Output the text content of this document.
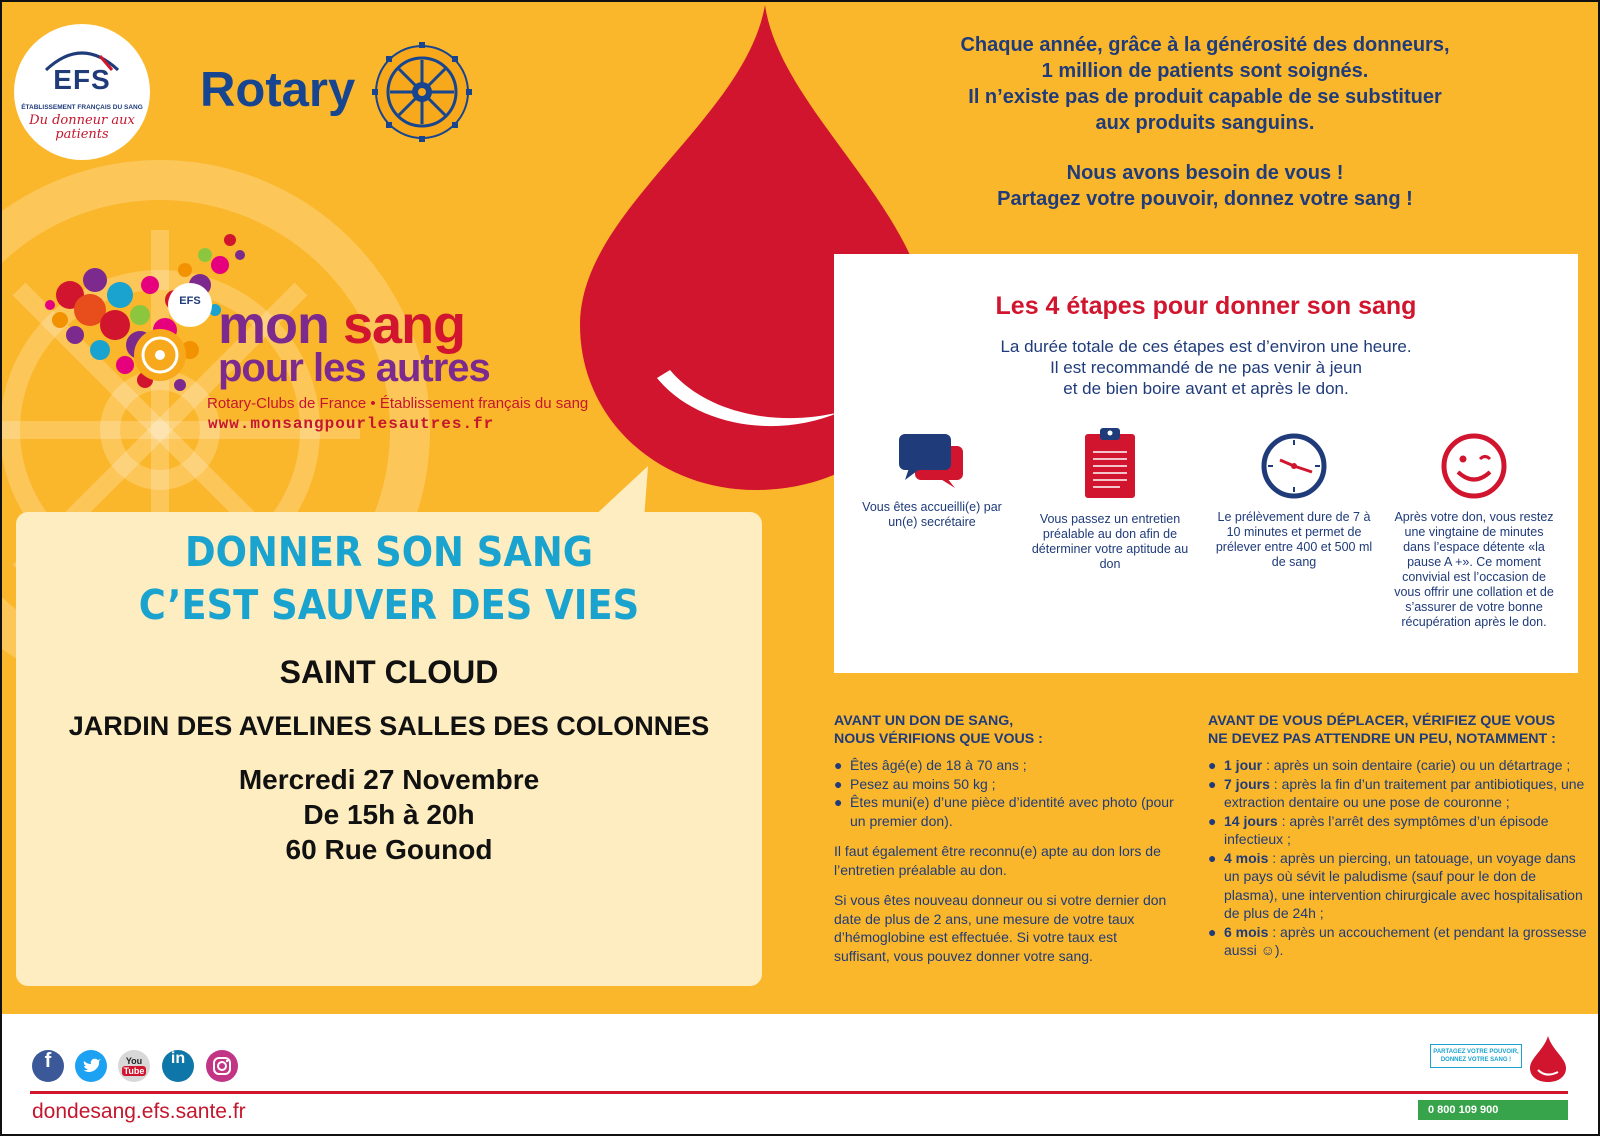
EFS
ÉTABLISSEMENT FRANÇAIS DU SANG
Du donneur aux patients
Rotary
EFS mon sang
pour les autres
Rotary-Clubs de France • Établissement français du sang
www.monsangpourlesautres.fr

Chaque année, grâce à la générosité des donneurs,

1 million de patients sont soignés.

Il n’existe pas de produit capable de se substituer

aux produits sanguins.

Nous avons besoin de vous !

Partagez votre pouvoir, donnez votre sang !

Les 4 étapes pour donner son sang

La durée totale de ces étapes est d’environ une heure.

Il est recommandé de ne pas venir à jeun

et de bien boire avant et après le don.

Vous êtes accueilli(e) par un(e) secrétaire	Vous passez un entretien préalable au don afin de déterminer votre aptitude au don
Le prélèvement dure de 7 à 10 minutes et permet de prélever entre 400 et 500 ml de sang
Après votre don, vous restez une vingtaine de minutes dans l’espace détente «la pause A +». Ce moment convivial est l’occasion de vous offrir une collation et de s’assurer de votre bonne récupération après le don.
DONNER SON SANG
C’EST SAUVER DES VIES
SAINT CLOUD
JARDIN DES AVELINES SALLES DES COLONNES
Mercredi 27 Novembre
De 15h à 20h
60 Rue Gounod
AVANT UN DON DE SANG,
NOUS VÉRIFIONS QUE VOUS :
● Êtes âgé(e) de 18 à 70 ans ;
● Pesez au moins 50 kg ;
● Êtes muni(e) d’une pièce d’identité avec photo (pour un premier don).

Il faut également être reconnu(e) apte au don lors de l’entretien préalable au don.

Si vous êtes nouveau donneur ou si votre dernier don date de plus de 2 ans, une mesure de votre taux d’hémoglobine est effectuée. Si votre taux est suffisant, vous pouvez donner votre sang.

AVANT DE VOUS DÉPLACER, VÉRIFIEZ QUE VOUS
NE DEVEZ PAS ATTENDRE UN PEU, NOTAMMENT :
● 1 jour : après un soin dentaire (carie) ou un détartrage ;
● 7 jours : après la fin d’un traitement par antibiotiques, une extraction dentaire ou une pose de couronne ;
● 14 jours : après l’arrêt des symptômes d’un épisode infectieux ;
● 4 mois : après un piercing, un tatouage, un voyage dans un pays où sévit le paludisme (sauf pour le don de plasma), une intervention chirurgicale avec hospitalisation de plus de 24h ;
● 6 mois : après un accouchement (et pendant la grossesse aussi ☺).
f	You
Tube
in
dondesang.efs.sante.fr
PARTAGEZ VOTRE POUVOIR,
DONNEZ VOTRE SANG !
0 800 109 900
